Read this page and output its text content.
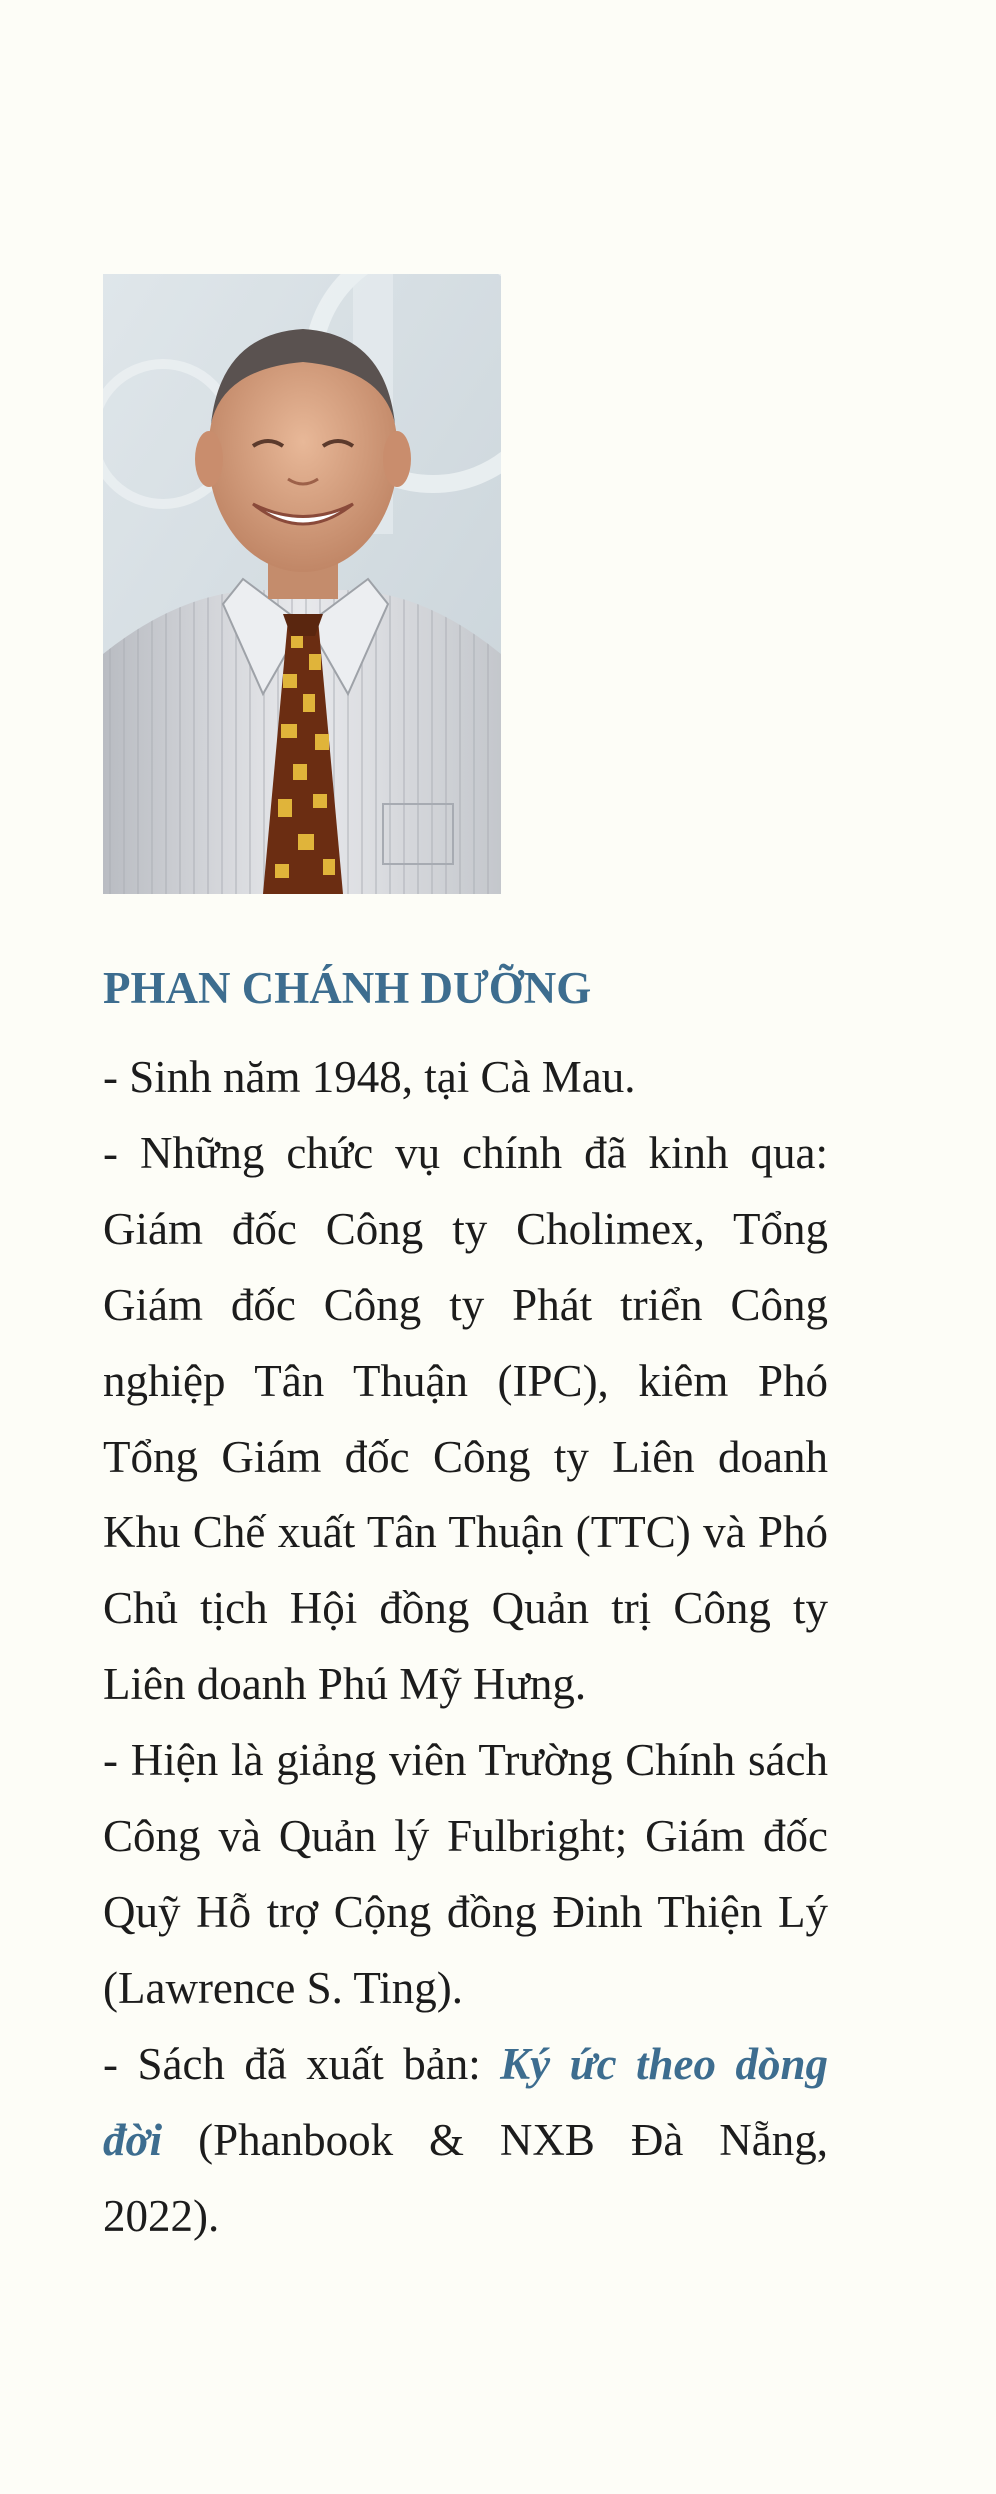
PHAN CHÁNH DƯỠNG

- Sinh năm 1948, tại Cà Mau.

- Những chức vụ chính đã kinh qua: Giám đốc Công ty Cholimex, Tổng Giám đốc Công ty Phát triển Công nghiệp Tân Thuận (IPC), kiêm Phó Tổng Giám đốc Công ty Liên doanh Khu Chế xuất Tân Thuận (TTC) và Phó Chủ tịch Hội đồng Quản trị Công ty Liên doanh Phú Mỹ Hưng.

- Hiện là giảng viên Trường Chính sách Công và Quản lý Fulbright; Giám đốc Quỹ Hỗ trợ Cộng đồng Đinh Thiện Lý (Lawrence S. Ting).

- Sách đã xuất bản: Ký ức theo dòng đời (Phanbook & NXB Đà Nẵng, 2022).
